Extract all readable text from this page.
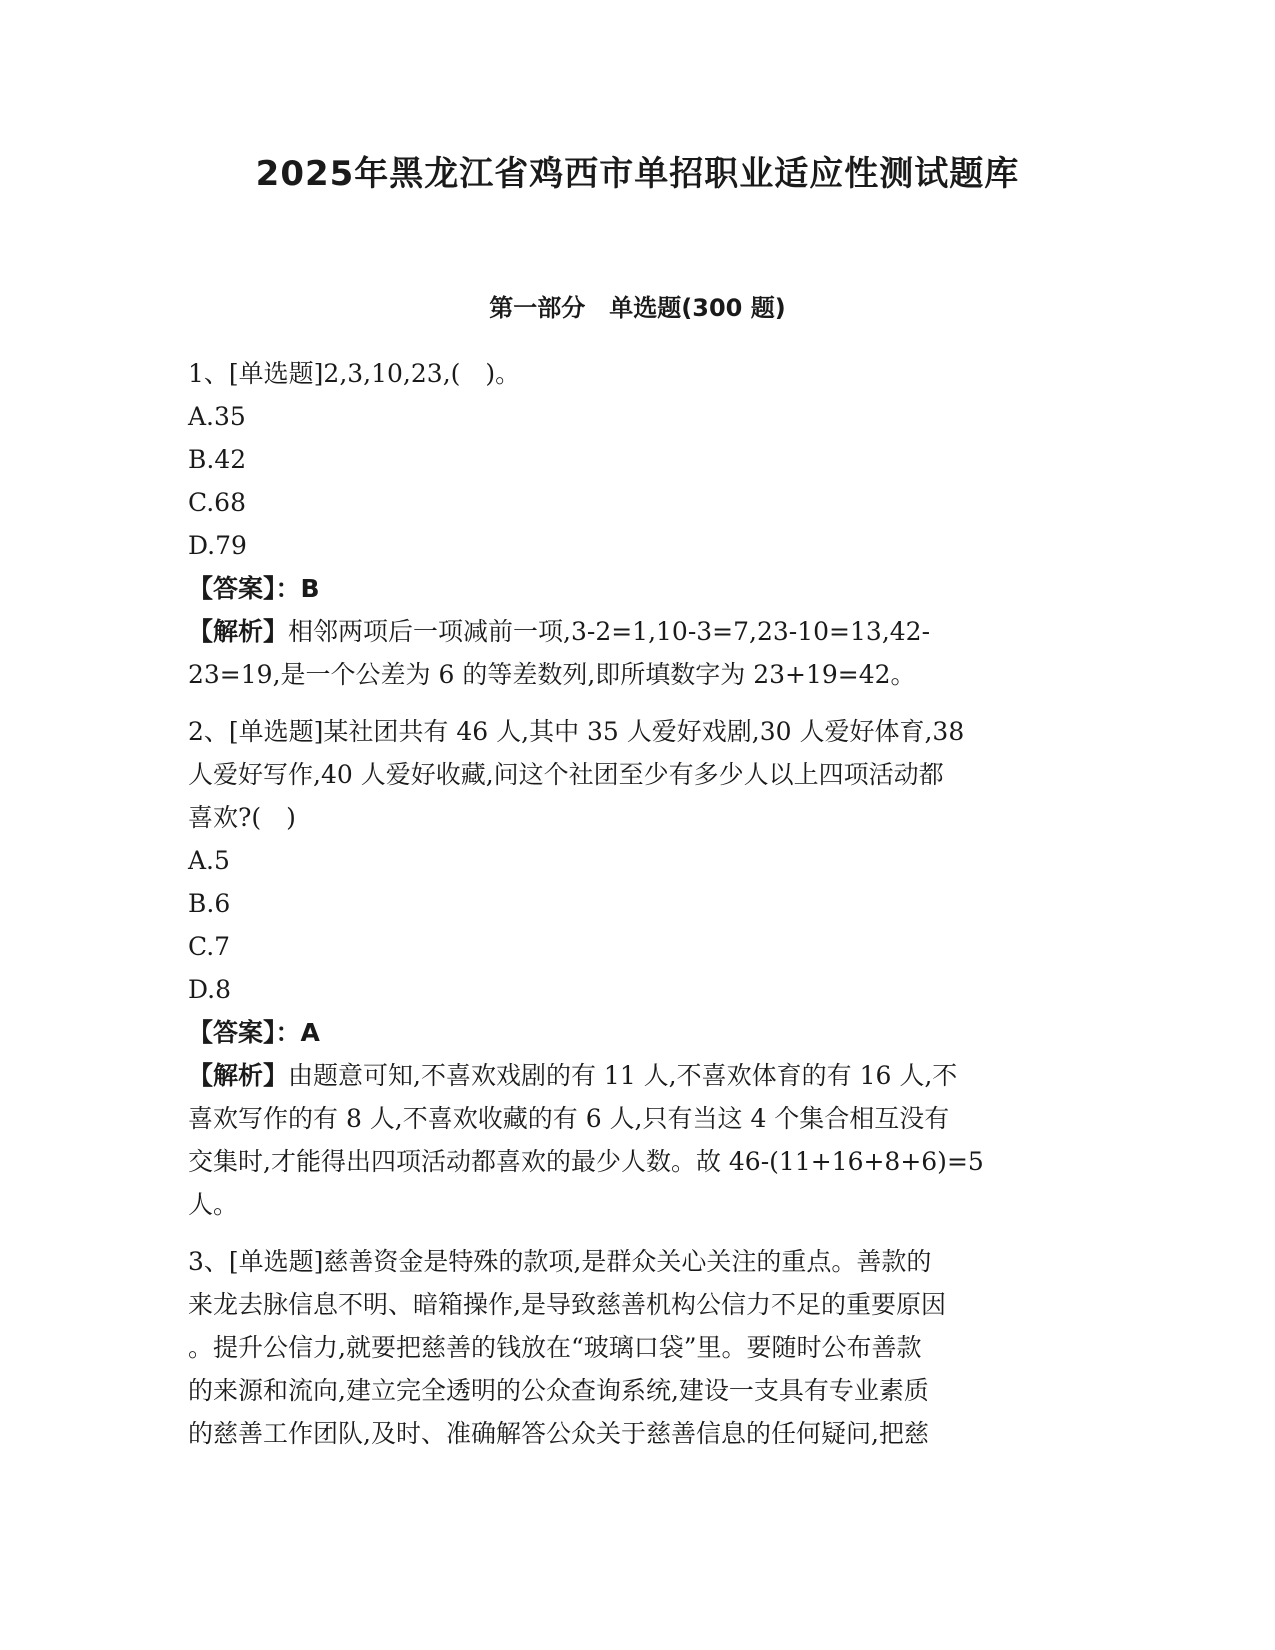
2025年黑龙江省鸡西市单招职业适应性测试题库
第一部分　单选题(300 题)
1、[单选题]2,3,10,23,(　)。
A.35
B.42
C.68
D.79
【答案】：B
【解析】相邻两项后一项减前一项,3-2=1,10-3=7,23-10=13,42-
23=19,是一个公差为 6 的等差数列,即所填数字为 23+19=42。
2、[单选题]某社团共有 46 人,其中 35 人爱好戏剧,30 人爱好体育,38
人爱好写作,40 人爱好收藏,问这个社团至少有多少人以上四项活动都
喜欢?(　)
A.5
B.6
C.7
D.8
【答案】：A
【解析】由题意可知,不喜欢戏剧的有 11 人,不喜欢体育的有 16 人,不
喜欢写作的有 8 人,不喜欢收藏的有 6 人,只有当这 4 个集合相互没有
交集时,才能得出四项活动都喜欢的最少人数。故 46-(11+16+8+6)=5
人。
3、[单选题]慈善资金是特殊的款项,是群众关心关注的重点。善款的
来龙去脉信息不明、暗箱操作,是导致慈善机构公信力不足的重要原因
。提升公信力,就要把慈善的钱放在“玻璃口袋”里。要随时公布善款
的来源和流向,建立完全透明的公众查询系统,建设一支具有专业素质
的慈善工作团队,及时、准确解答公众关于慈善信息的任何疑问,把慈
